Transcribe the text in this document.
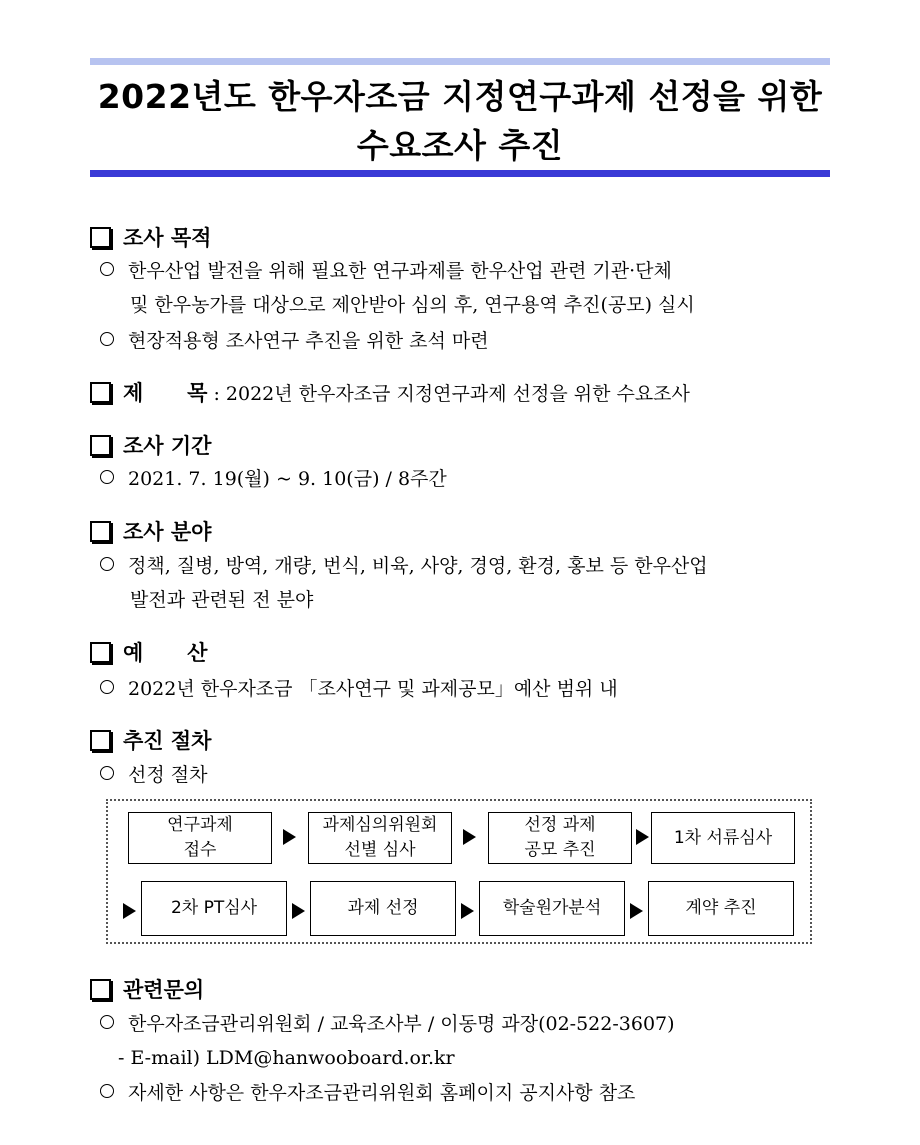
2022년도 한우자조금 지정연구과제 선정을 위한
수요조사 추진
조사 목적
한우산업 발전을 위해 필요한 연구과제를 한우산업 관련 기관·단체
및 한우농가를 대상으로 제안받아 심의 후, 연구용역 추진(공모) 실시
현장적용형 조사연구 추진을 위한 초석 마련
제      목 : 2022년 한우자조금 지정연구과제 선정을 위한 수요조사
조사 기간
2021. 7. 19(월) ~ 9. 10(금) / 8주간
조사 분야
정책, 질병, 방역, 개량, 번식, 비육, 사양, 경영, 환경, 홍보 등 한우산업
발전과 관련된 전 분야
예      산
2022년 한우자조금 「조사연구 및 과제공모」예산 범위 내
추진 절차
선정 절차
연구과제
접수
과제심의위원회
선별 심사
선정 과제
공모 추진
1차 서류심사
2차 PT심사	과제 선정	학술원가분석	계약 추진
관련문의
한우자조금관리위원회 / 교육조사부 / 이동명 과장(02-522-3607)
- E-mail) LDM@hanwooboard.or.kr
자세한 사항은 한우자조금관리위원회 홈페이지 공지사항 참조
